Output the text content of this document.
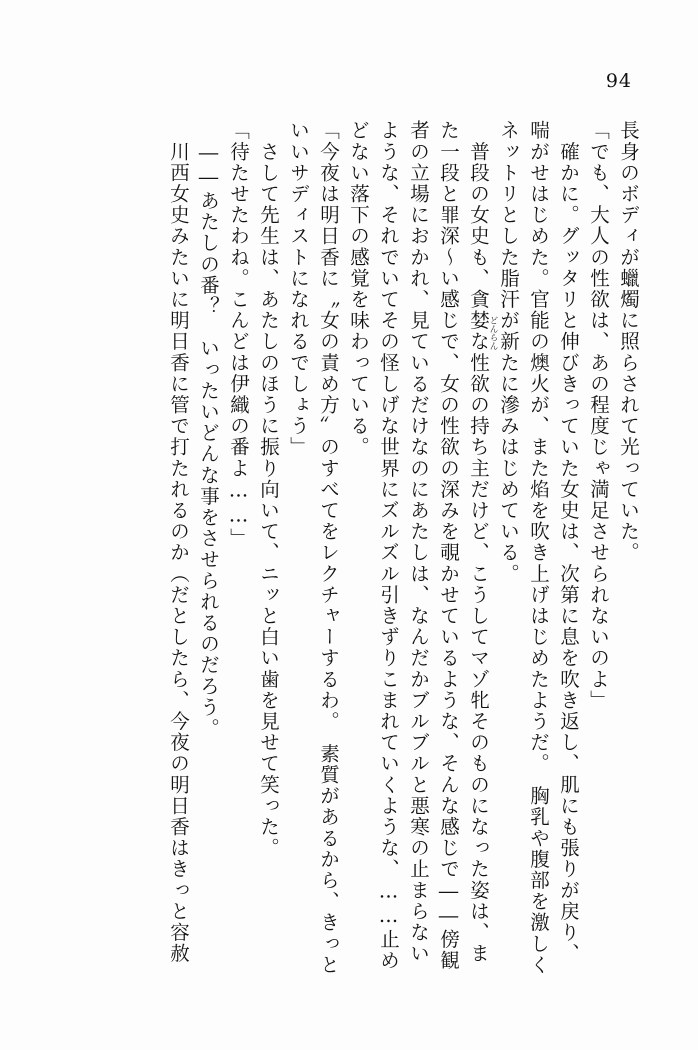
94
長身のボディが蠟燭に照らされて光っていた。
「でも、大人の性欲は、あの程度じゃ満足させられないのよ」
　確かに。グッタリと伸びきっていた女史は、次第に息を吹き返し、肌にも張りが戻り、
喘がせはじめた。官能の燠火が、また焰を吹き上げはじめたようだ。　胸乳や腹部を激しく
ネットリとした脂汗が新たに滲みはじめている。
　普段の女史も、貪婪な性欲の持ち主だけど、こうしてマゾ牝そのものになった姿は、ま
た一段と罪深～い感じで、女の性欲の深みを覗かせているような、そんな感じで――傍観
者の立場におかれ、見ているだけなのにあたしは、なんだかブルブルと悪寒の止まらない
ような、それでいてその怪しげな世界にズルズル引きずりこまれていくような、……止め
どない落下の感覚を味わっている。
「今夜は明日香に〝女の責め方〟のすべてをレクチャーするわ。　素質があるから、きっと
いいサディストになれるでしょう」
　さして先生は、あたしのほうに振り向いて、ニッと白い歯を見せて笑った。
「待たせたわね。こんどは伊織の番よ……」
　――あたしの番？　いったいどんな事をさせられるのだろう。
　川西女史みたいに明日香に管で打たれるのか（だとしたら、今夜の明日香はきっと容赦	どんらん
